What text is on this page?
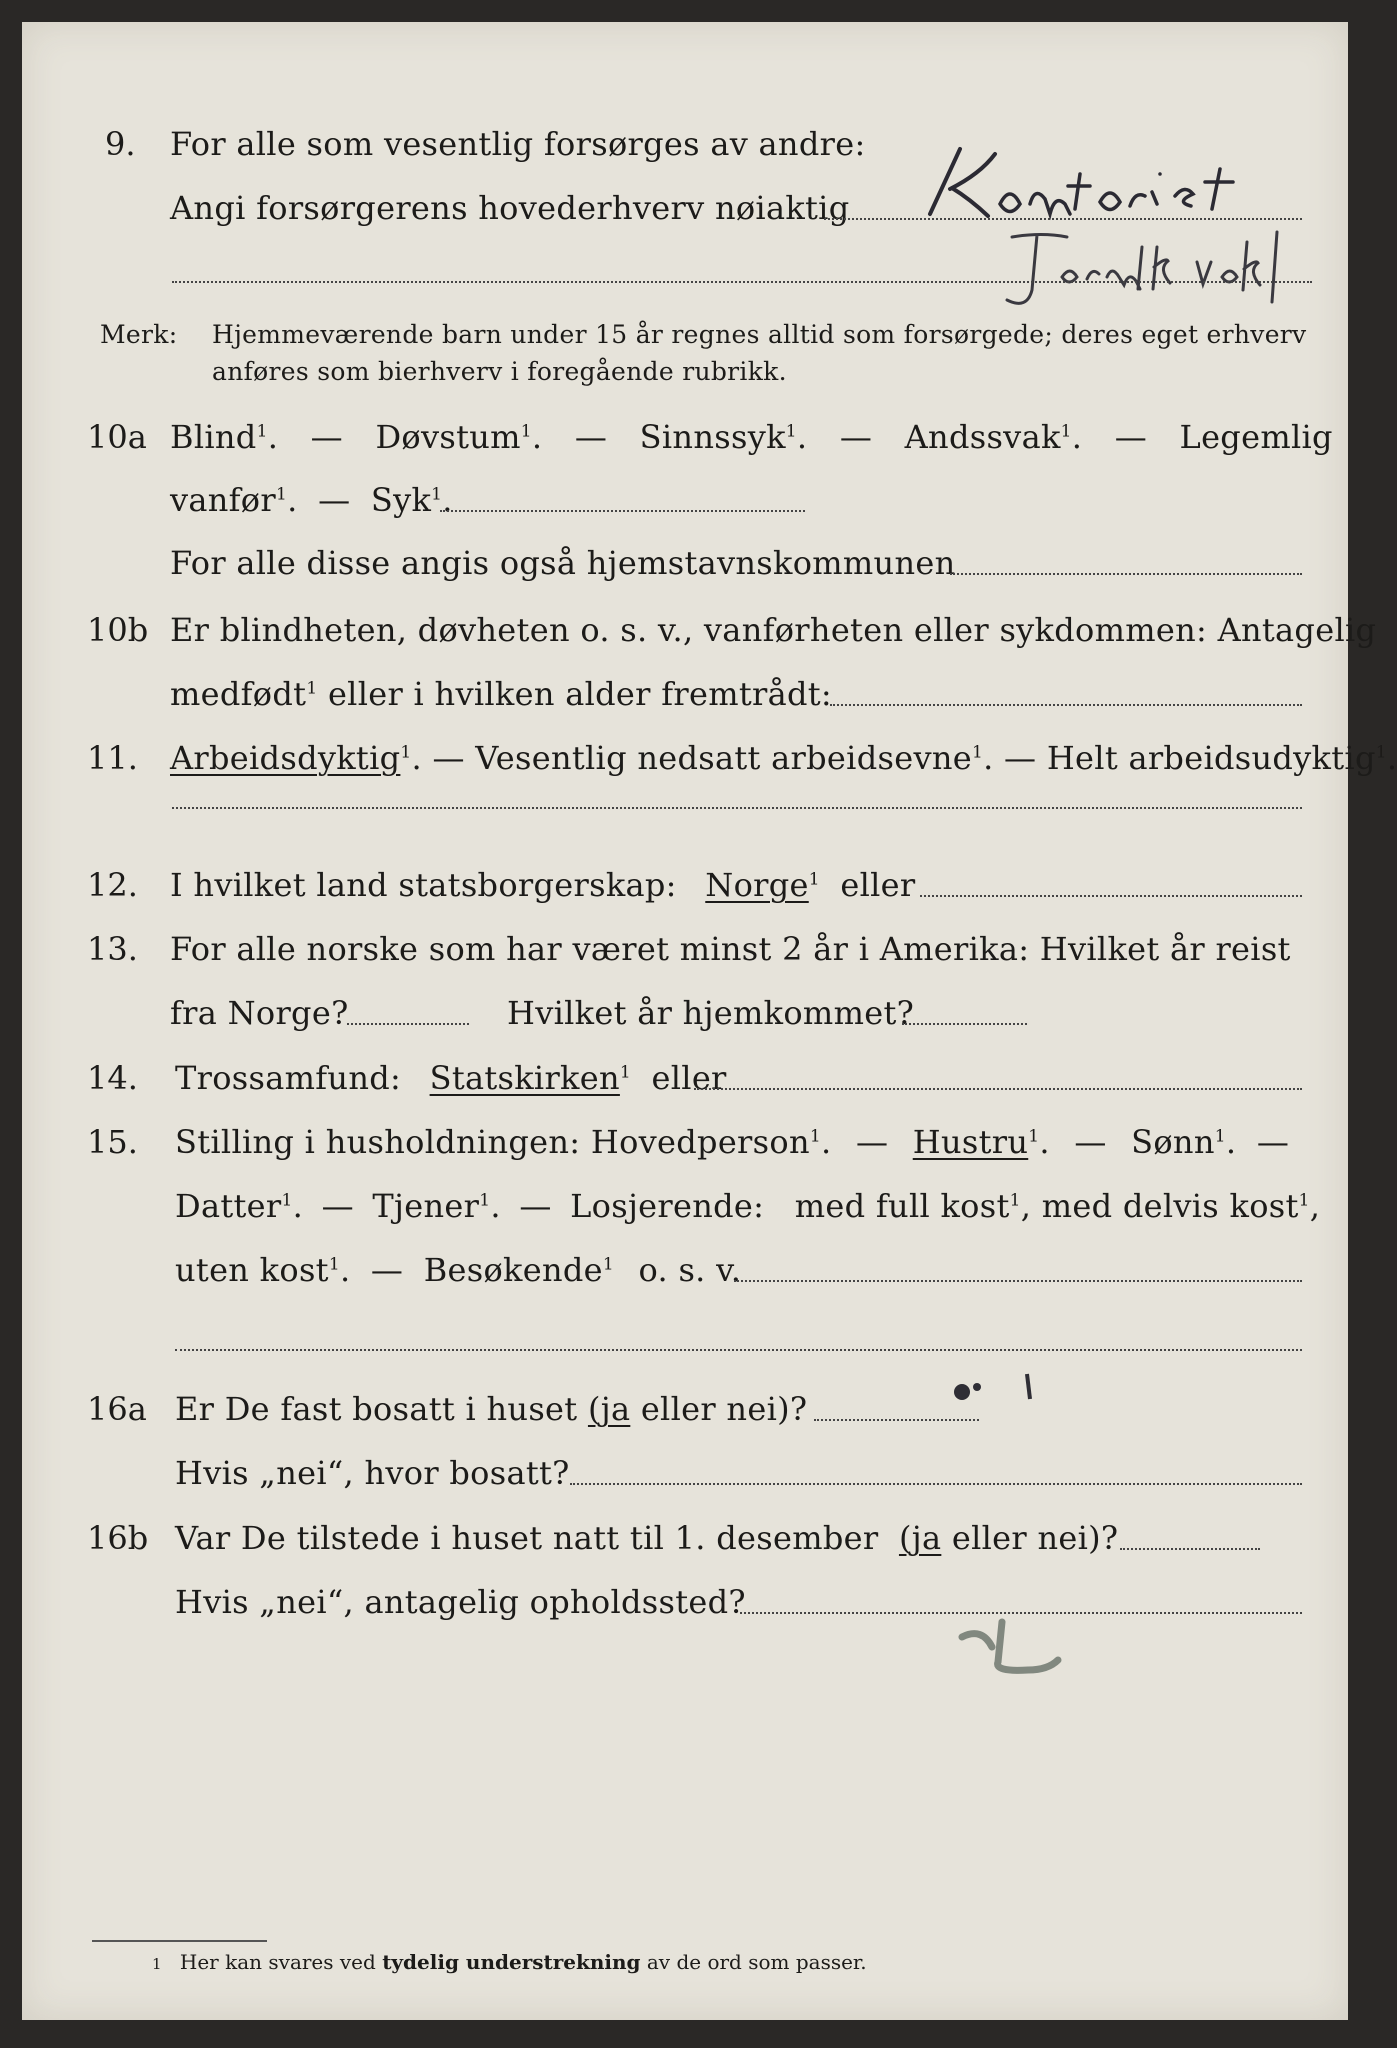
9. For alle som vesentlig forsørges av andre:
Angi forsørgerens hovederhverv nøiaktig
Merk: Hjemmeværende barn under 15 år regnes alltid som forsørgede; deres eget erhverv
anføres som bierhverv i foregående rubrikk.
10a Blind$^1$. — Døvstum$^1$. — Sinnssyk$^1$. — Andssvak$^1$. — Legemlig
vanfør$^1$. — Syk$^1$.
For alle disse angis også hjemstavnskommunen
10b Er blindheten, døvheten o. s. v., vanførheten eller sykdommen: Antagelig
medfødt$^1$ eller i hvilken alder fremtrådt:
11. Arbeidsdyktig$^1$. — Vesentlig nedsatt arbeidsevne$^1$. — Helt arbeidsudyktig$^1$.
12. I hvilket land statsborgerskap: Norge$^1$ eller
13. For alle norske som har været minst 2 år i Amerika: Hvilket år reist
fra Norge?	Hvilket år hjemkommet?
14. Trossamfund: Statskirken$^1$ eller
15. Stilling i husholdningen: Hovedperson$^1$. — Hustru$^1$. — Sønn$^1$. —
Datter$^1$. — Tjener$^1$. — Losjerende: med full kost$^1$, med delvis kost$^1$,
uten kost$^1$. — Besøkende$^1$ o. s. v.
16a Er De fast bosatt i huset (ja eller nei)?
Hvis „nei“, hvor bosatt?
16b Var De tilstede i huset natt til 1. desember (ja eller nei)?
Hvis „nei“, antagelig opholdssted?
1 Her kan svares ved tydelig understrekning av de ord som passer.
